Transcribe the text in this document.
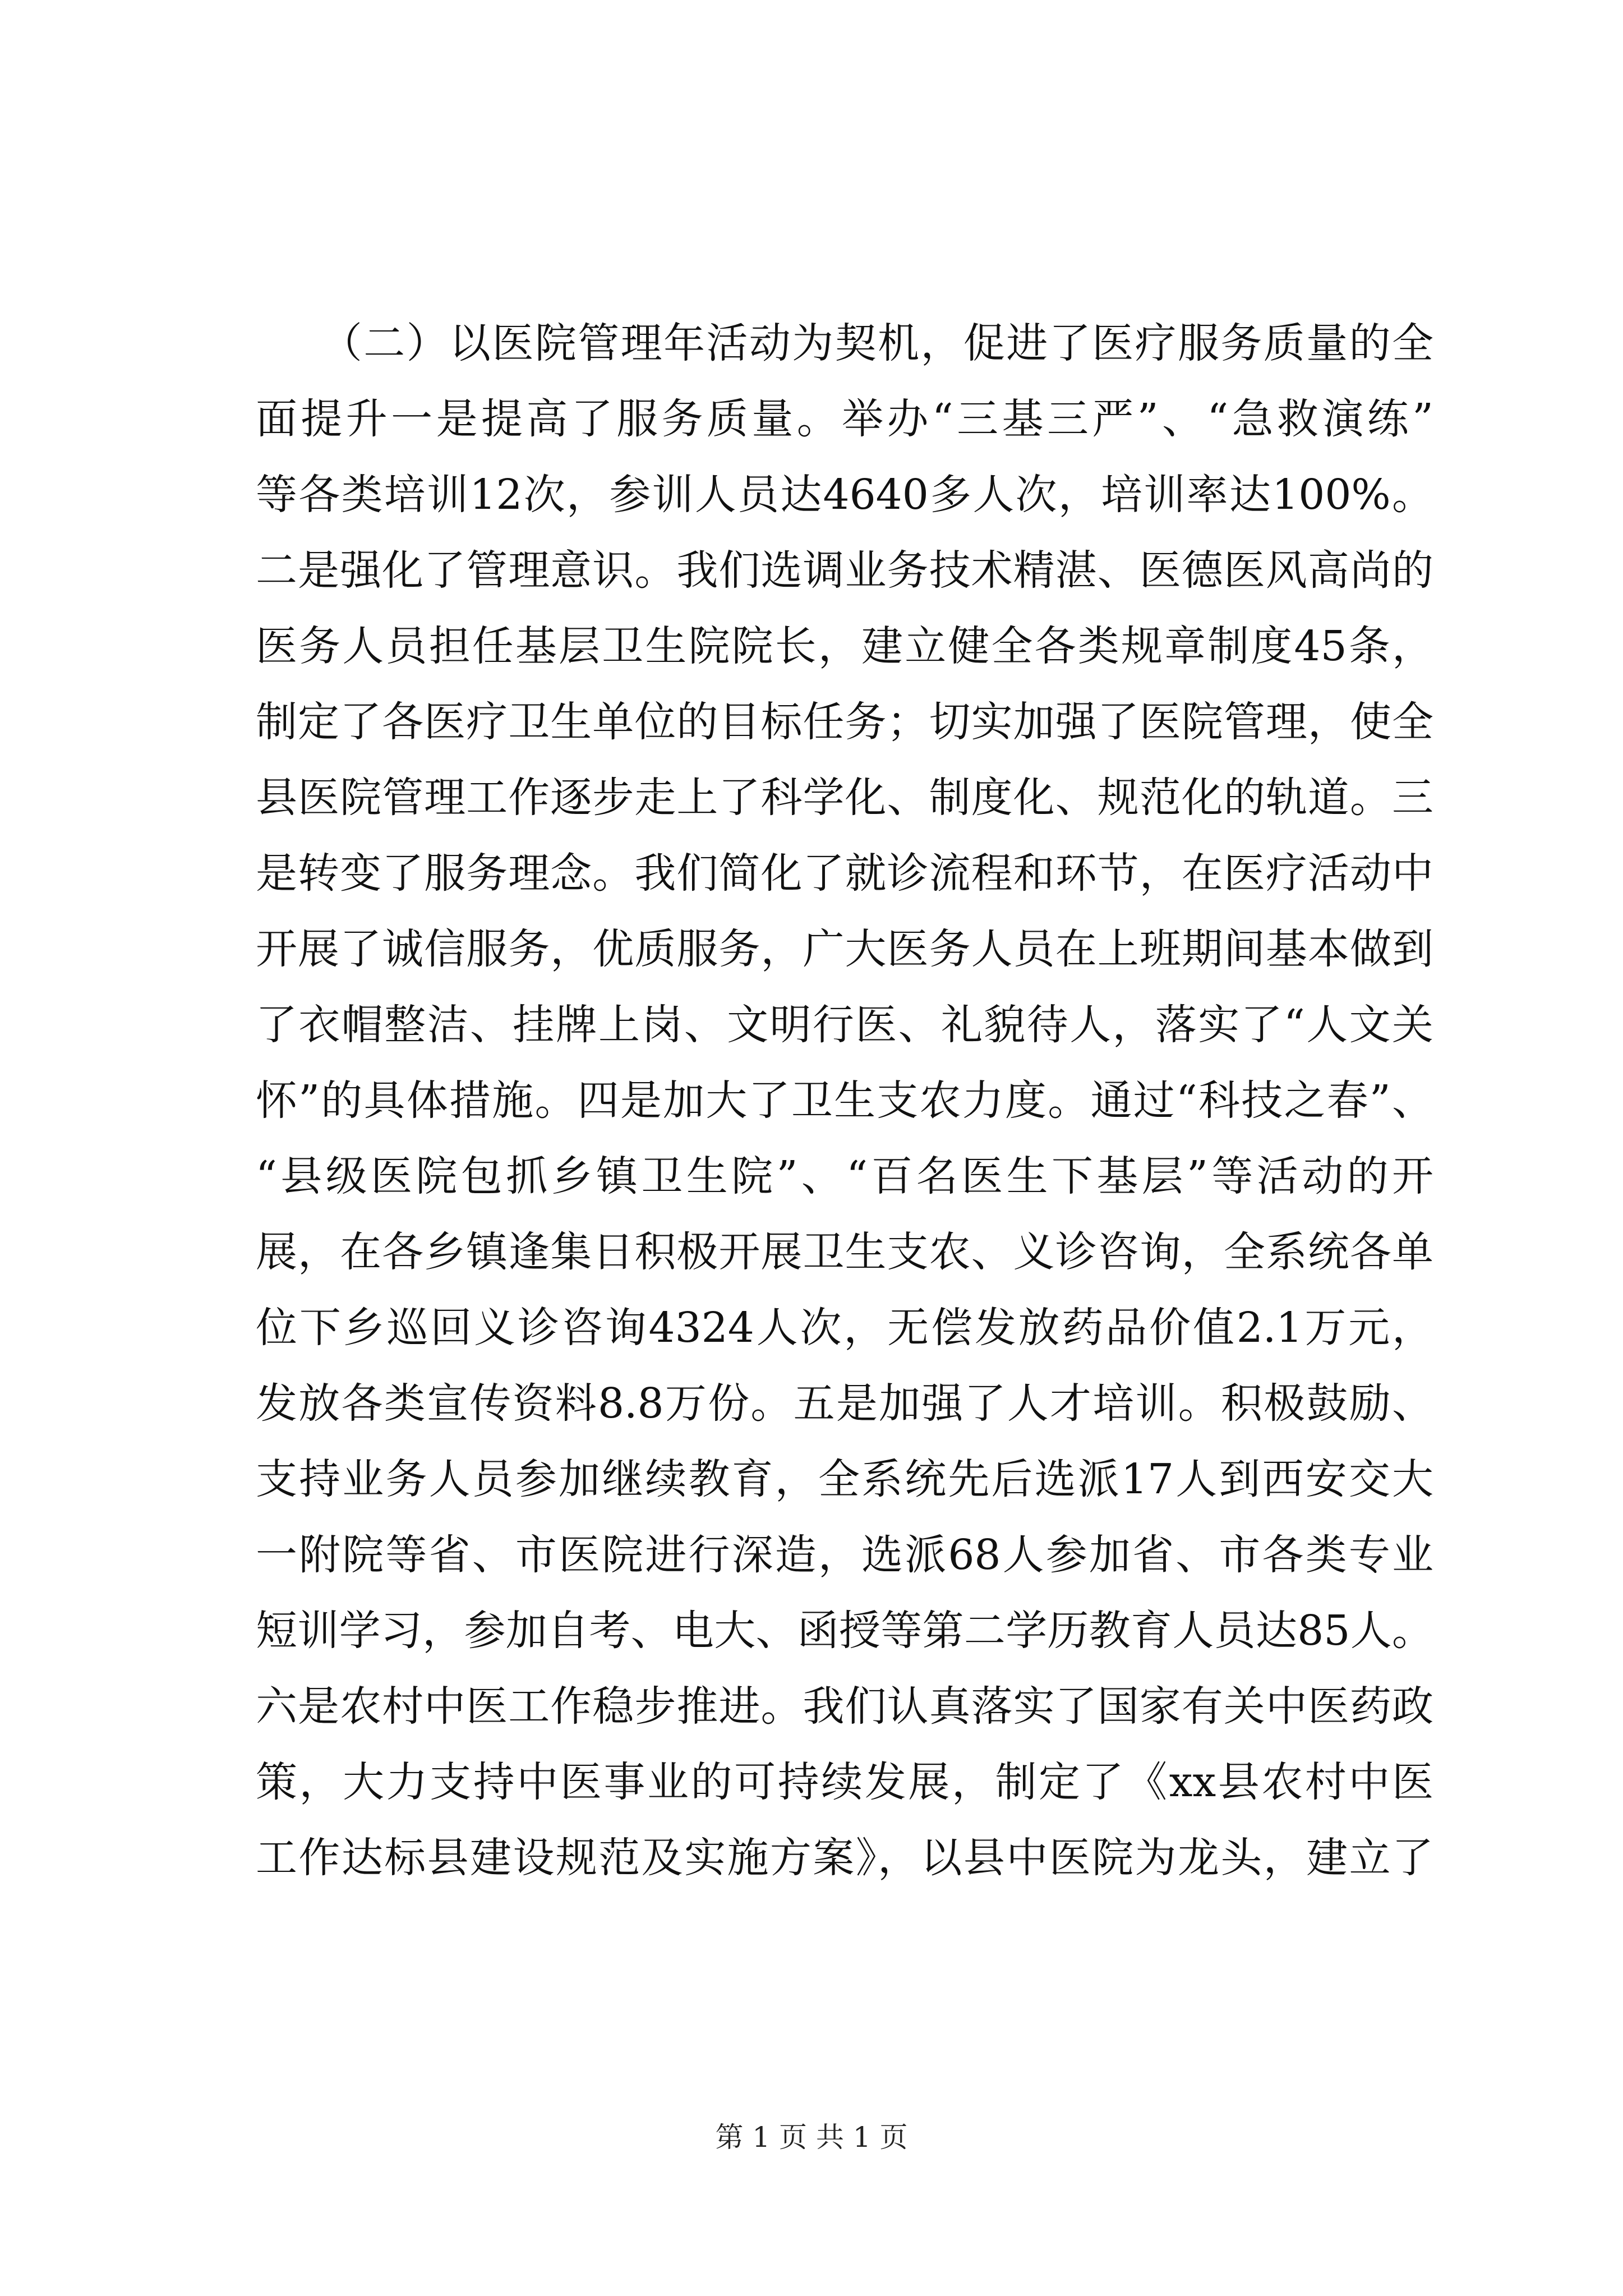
　　（二）以医院管理年活动为契机，促进了医疗服务质量的全
面提升一是提高了服务质量。举办“三基三严”、“急救演练”
等各类培训12次，参训人员达4640多人次，培训率达100%。
二是强化了管理意识。我们选调业务技术精湛、医德医风高尚的
医务人员担任基层卫生院院长，建立健全各类规章制度45条，
制定了各医疗卫生单位的目标任务；切实加强了医院管理，使全
县医院管理工作逐步走上了科学化、制度化、规范化的轨道。三
是转变了服务理念。我们简化了就诊流程和环节，在医疗活动中
开展了诚信服务，优质服务，广大医务人员在上班期间基本做到
了衣帽整洁、挂牌上岗、文明行医、礼貌待人，落实了“人文关
怀”的具体措施。四是加大了卫生支农力度。通过“科技之春”、
“县级医院包抓乡镇卫生院”、“百名医生下基层”等活动的开
展，在各乡镇逢集日积极开展卫生支农、义诊咨询，全系统各单
位下乡巡回义诊咨询4324人次，无偿发放药品价值2.1万元，
发放各类宣传资料8.8万份。五是加强了人才培训。积极鼓励、
支持业务人员参加继续教育，全系统先后选派17人到西安交大
一附院等省、市医院进行深造，选派68人参加省、市各类专业
短训学习，参加自考、电大、函授等第二学历教育人员达85人。
六是农村中医工作稳步推进。我们认真落实了国家有关中医药政
策，大力支持中医事业的可持续发展，制定了《xx县农村中医
工作达标县建设规范及实施方案》，以县中医院为龙头，建立了
第 1 页 共 1 页
